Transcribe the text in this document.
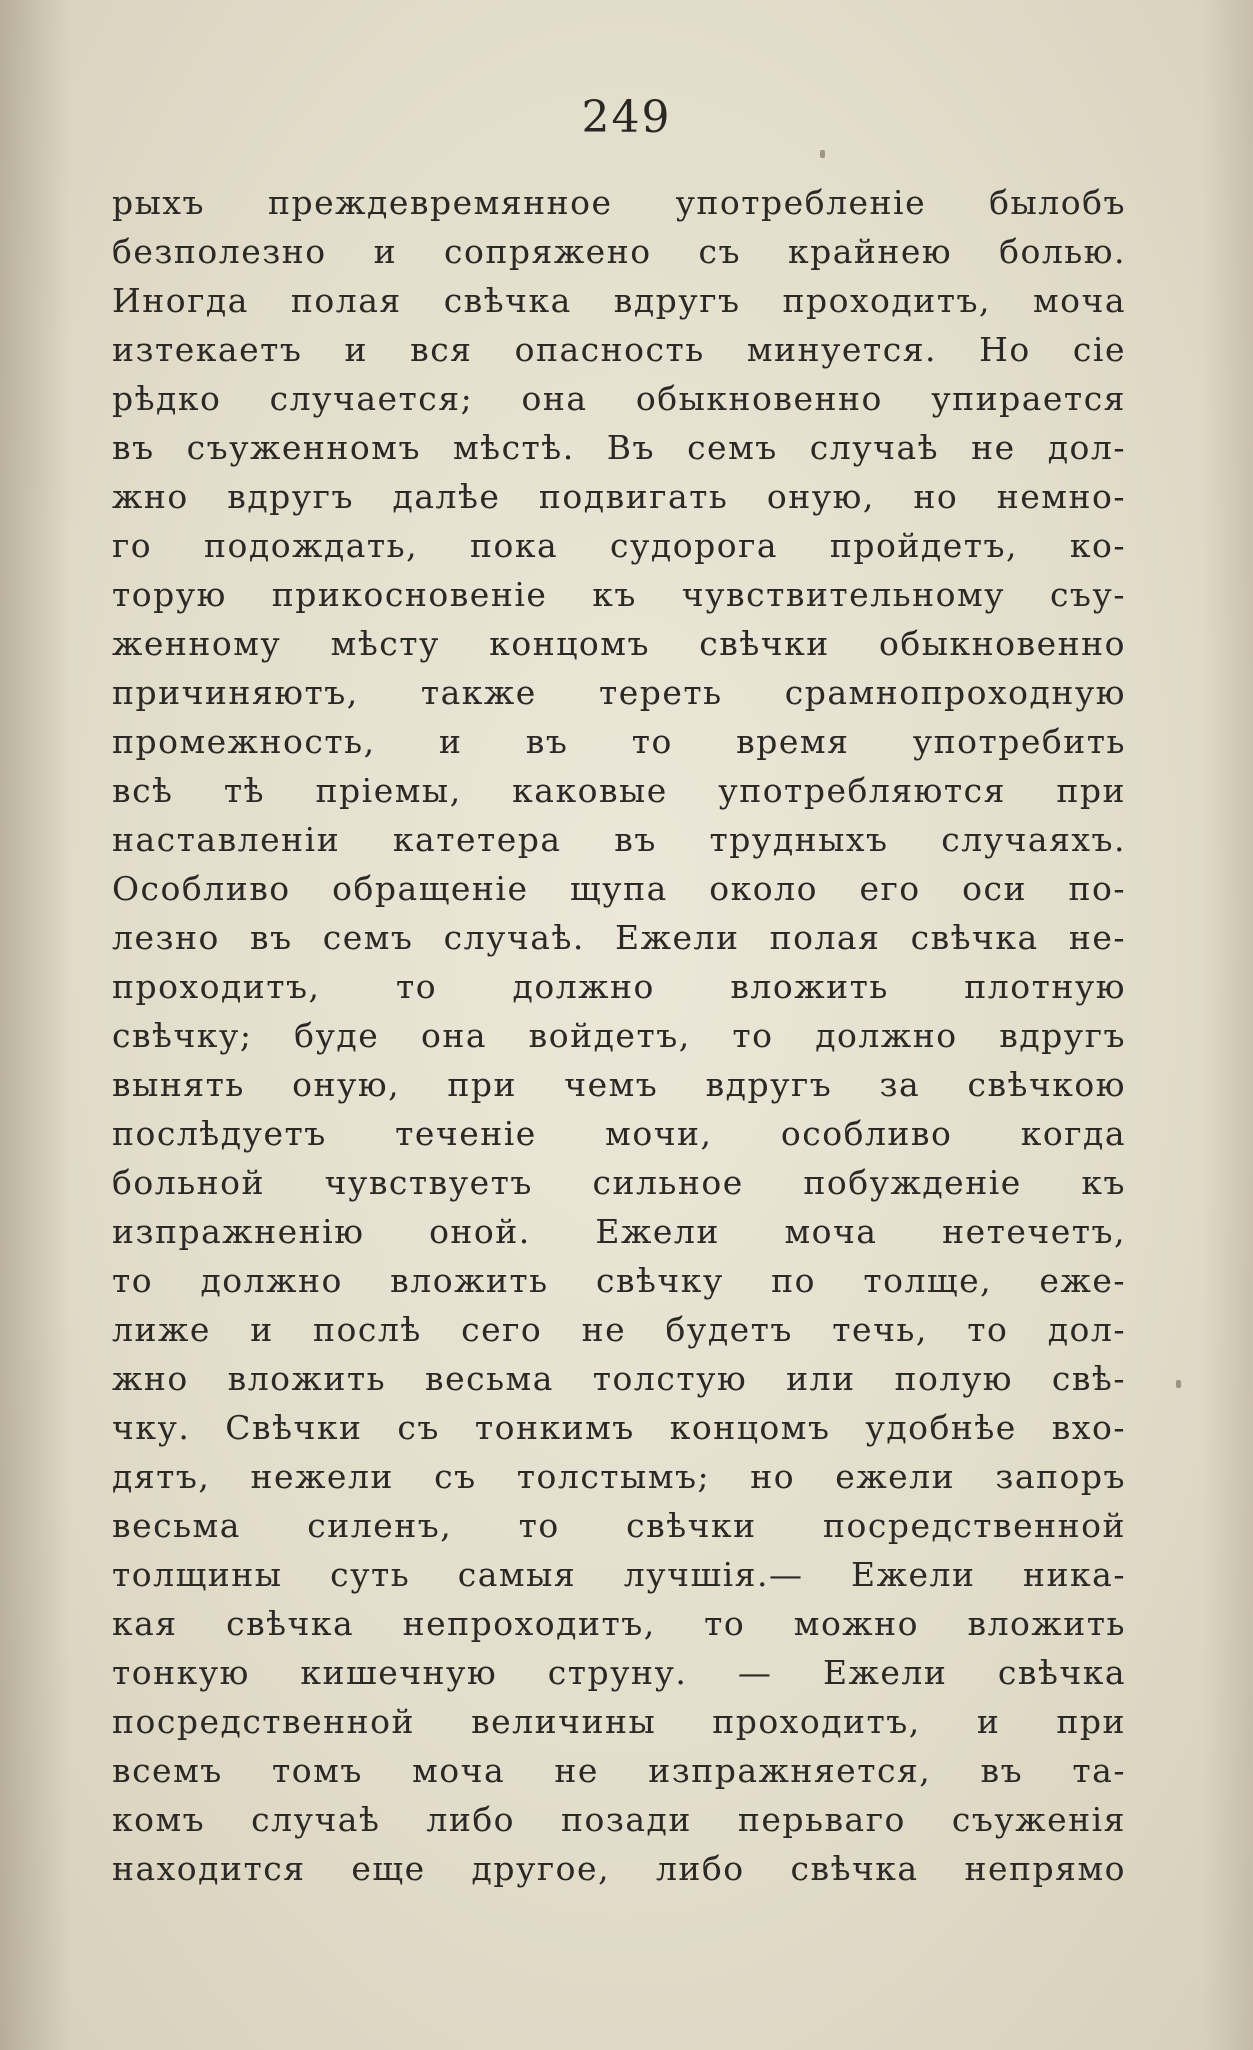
249
рыхъ преждевремянное употребленіе былобъ
безполезно и сопряжено съ крайнею болью.
Иногда полая свѣчка вдругъ проходитъ, моча
изтекаетъ и вся опасность минуется. Но сіе
рѣдко случается; она обыкновенно упирается
въ съуженномъ мѣстѣ. Въ семъ случаѣ не дол-
жно вдругъ далѣе подвигать оную, но немно-
го подождать, пока судорога пройдетъ, ко-
торую прикосновеніе къ чувствительному съу-
женному мѣсту концомъ свѣчки обыкновенно
причиняютъ, также тереть срамнопроходную
промежность, и въ то время употребить
всѣ тѣ пріемы, каковые употребляются при
наставленіи катетера въ трудныхъ случаяхъ.
Особливо обращеніе щупа около его оси по-
лезно въ семъ случаѣ. Ежели полая свѣчка не-
проходитъ, то должно вложить плотную
свѣчку; буде она войдетъ, то должно вдругъ
вынять оную, при чемъ вдругъ за свѣчкою
послѣдуетъ теченіе мочи, особливо когда
больной чувствуетъ сильное побужденіе къ
изпражненію оной. Ежели моча нетечетъ,
то должно вложить свѣчку по толще, еже-
лиже и послѣ сего не будетъ течь, то дол-
жно вложить весьма толстую или полую свѣ-
чку. Свѣчки съ тонкимъ концомъ удобнѣе вхо-
дятъ, нежели съ толстымъ; но ежели запоръ
весьма силенъ, то свѣчки посредственной
толщины суть самыя лучшія.— Ежели ника-
кая свѣчка непроходитъ, то можно вложить
тонкую кишечную струну. — Ежели свѣчка
посредственной величины проходитъ, и при
всемъ томъ моча не изпражняется, въ та-
комъ случаѣ либо позади перьваго съуженія
находится еще другое, либо свѣчка непрямо
